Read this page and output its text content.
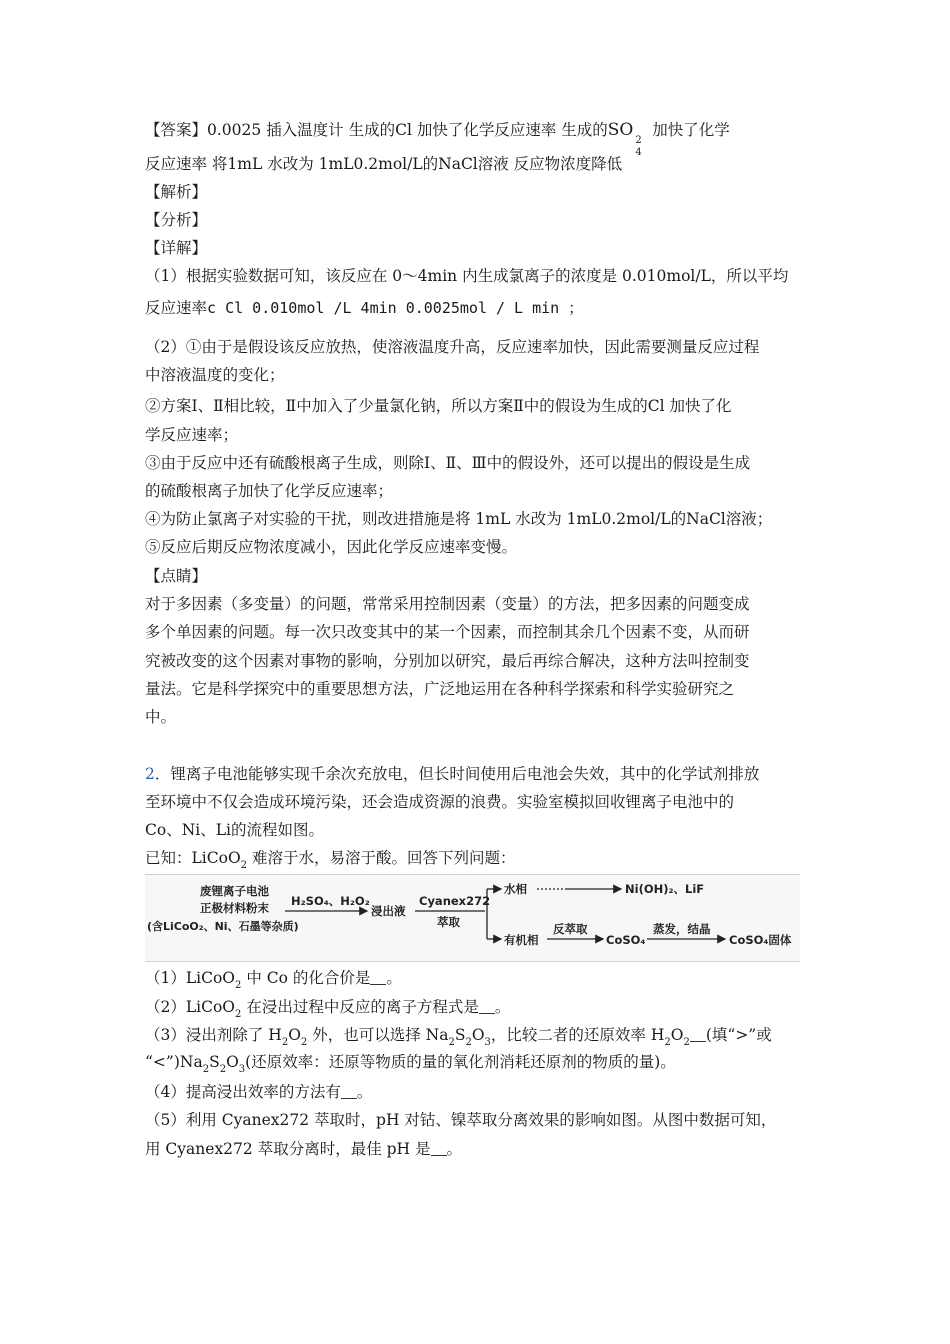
【答案】0.0025 插入温度计 生成的Cl 加快了化学反应速率 生成的SO
2
4
加快了化学
反应速率 将1mL 水改为 1mL0.2mol/L的NaCl溶液 反应物浓度降低
【解析】
【分析】
【详解】
（1）根据实验数据可知，该反应在 0～4min 内生成氯离子的浓度是 0.010mol/L，所以平均
反应速率c Cl 0.010mol /L 4min 0.0025mol / L min ；
（2）①由于是假设该反应放热，使溶液温度升高，反应速率加快，因此需要测量反应过程
中溶液温度的变化；
②方案Ⅰ、Ⅱ相比较，Ⅱ中加入了少量氯化钠，所以方案Ⅱ中的假设为生成的Cl 加快了化
学反应速率；
③由于反应中还有硫酸根离子生成，则除Ⅰ、Ⅱ、Ⅲ中的假设外，还可以提出的假设是生成
的硫酸根离子加快了化学反应速率；
④为防止氯离子对实验的干扰，则改进措施是将 1mL 水改为 1mL0.2mol/L的NaCl溶液；
⑤反应后期反应物浓度减小，因此化学反应速率变慢。
【点睛】
对于多因素（多变量）的问题，常常采用控制因素（变量）的方法，把多因素的问题变成
多个单因素的问题。每一次只改变其中的某一个因素，而控制其余几个因素不变，从而研
究被改变的这个因素对事物的影响，分别加以研究，最后再综合解决，这种方法叫控制变
量法。它是科学探究中的重要思想方法，广泛地运用在各种科学探索和科学实验研究之
中。
2．锂离子电池能够实现千余次充放电，但长时间使用后电池会失效，其中的化学试剂排放
至环境中不仅会造成环境污染，还会造成资源的浪费。实验室模拟回收锂离子电池中的
Co、Ni、Li的流程如图。
已知：LiCoO$_2$ 难溶于水，易溶于酸。回答下列问题：
废锂离子电池
正极材料粉末
(含LiCoO₂、Ni、石墨等杂质)
H₂SO₄、H₂O₂
浸出液
Cyanex272
萃取
水相	Ni(OH)₂、LiF
有机相
反萃取
CoSO₄
蒸发，结晶
CoSO₄固体
（1）LiCoO$_2$ 中 Co 的化合价是 。
（2）LiCoO$_2$ 在浸出过程中反应的离子方程式是 。
（3）浸出剂除了 $H_2O_2$ 外，也可以选择 $Na_2S_2O_3$，比较二者的还原效率 $H_2O_2$ (填“>”或
“$<”)Na_2S_2O_3$(还原效率：还原等物质的量的氧化剂消耗还原剂的物质的量)。
（4）提高浸出效率的方法有 。
（5）利用 Cyanex272 萃取时，pH 对钴、镍萃取分离效果的影响如图。从图中数据可知，
用 Cyanex272 萃取分离时，最佳 pH 是 。
